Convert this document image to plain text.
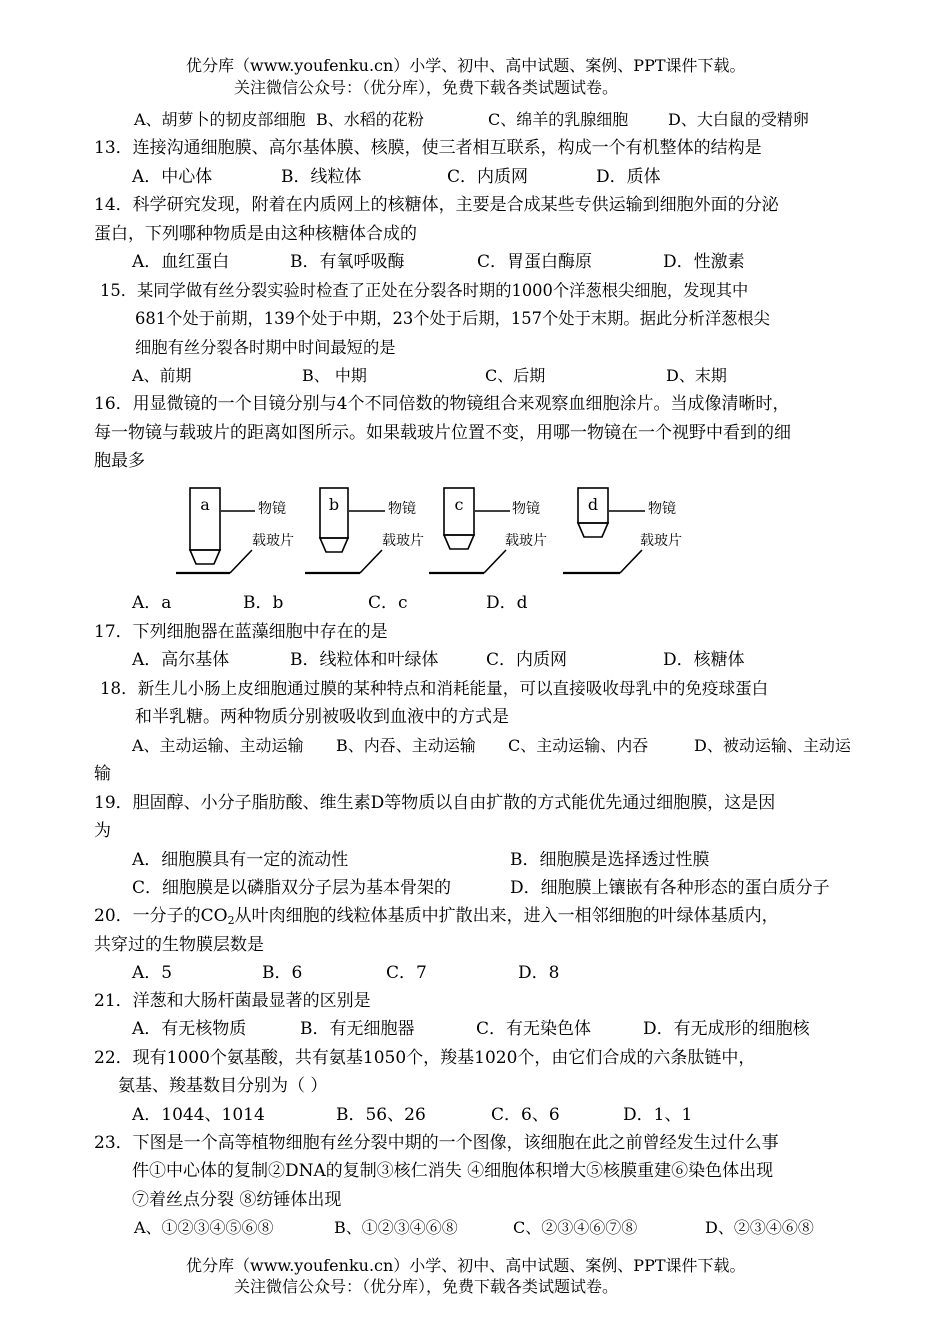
优分库（www.youfenku.cn）小学、初中、高中试题、案例、PPT课件下载。
关注微信公众号：（优分库），免费下载各类试题试卷。
A、胡萝卜的韧皮部细胞 B、水稻的花粉	C、绵羊的乳腺细胞 D、大白鼠的受精卵
13．连接沟通细胞膜、高尔基体膜、核膜，使三者相互联系，构成一个有机整体的结构是
A．中心体	B．线粒体	C．内质网	D．质体
14．科学研究发现，附着在内质网上的核糖体，主要是合成某些专供运输到细胞外面的分泌
蛋白，下列哪种物质是由这种核糖体合成的
A．血红蛋白	B．有氧呼吸酶	C．胃蛋白酶原	D．性激素
15．某同学做有丝分裂实验时检查了正处在分裂各时期的1000个洋葱根尖细胞，发现其中
681个处于前期，139个处于中期，23个处于后期，157个处于末期。据此分析洋葱根尖
细胞有丝分裂各时期中时间最短的是
A、前期	B、 中期	C、后期	D、末期
16．用显微镜的一个目镜分别与4个不同倍数的物镜组合来观察血细胞涂片。当成像清晰时，
每一物镜与载玻片的距离如图所示。如果载玻片位置不变，用哪一物镜在一个视野中看到的细
胞最多
a	b	c	d
物镜	物镜	物镜	物镜
载玻片	载玻片	载玻片	载玻片
A．a	B．b	C．c	D．d
17．下列细胞器在蓝藻细胞中存在的是
A．高尔基体	B．线粒体和叶绿体	C．内质网	D．核糖体
18．新生儿小肠上皮细胞通过膜的某种特点和消耗能量，可以直接吸收母乳中的免疫球蛋白
和半乳糖。两种物质分别被吸收到血液中的方式是
A、主动运输、主动运输 B、内吞、主动运输 C、主动运输、内吞	D、被动运输、主动运
输
19．胆固醇、小分子脂肪酸、维生素D等物质以自由扩散的方式能优先通过细胞膜，这是因
为
A．细胞膜具有一定的流动性	B．细胞膜是选择透过性膜
C．细胞膜是以磷脂双分子层为基本骨架的	D．细胞膜上镶嵌有各种形态的蛋白质分子
20．一分子的$CO_2$从叶肉细胞的线粒体基质中扩散出来，进入一相邻细胞的叶绿体基质内，
共穿过的生物膜层数是
A．5	B．6	C．7	D．8
21．洋葱和大肠杆菌最显著的区别是
A．有无核物质	B．有无细胞器	C．有无染色体	D．有无成形的细胞核
22．现有1000个氨基酸，共有氨基1050个，羧基1020个，由它们合成的六条肽链中，
氨基、羧基数目分别为（ ）
A．1044、1014	B．56、26	C．6、6	D．1、1
23．下图是一个高等植物细胞有丝分裂中期的一个图像，该细胞在此之前曾经发生过什么事
件①中心体的复制②DNA的复制③核仁消失 ④细胞体积增大⑤核膜重建⑥染色体出现
⑦着丝点分裂 ⑧纺锤体出现
A、①②③④⑤⑥⑧	B、①②③④⑥⑧	C、②③④⑥⑦⑧	D、②③④⑥⑧
优分库（www.youfenku.cn）小学、初中、高中试题、案例、PPT课件下载。
关注微信公众号：（优分库），免费下载各类试题试卷。
